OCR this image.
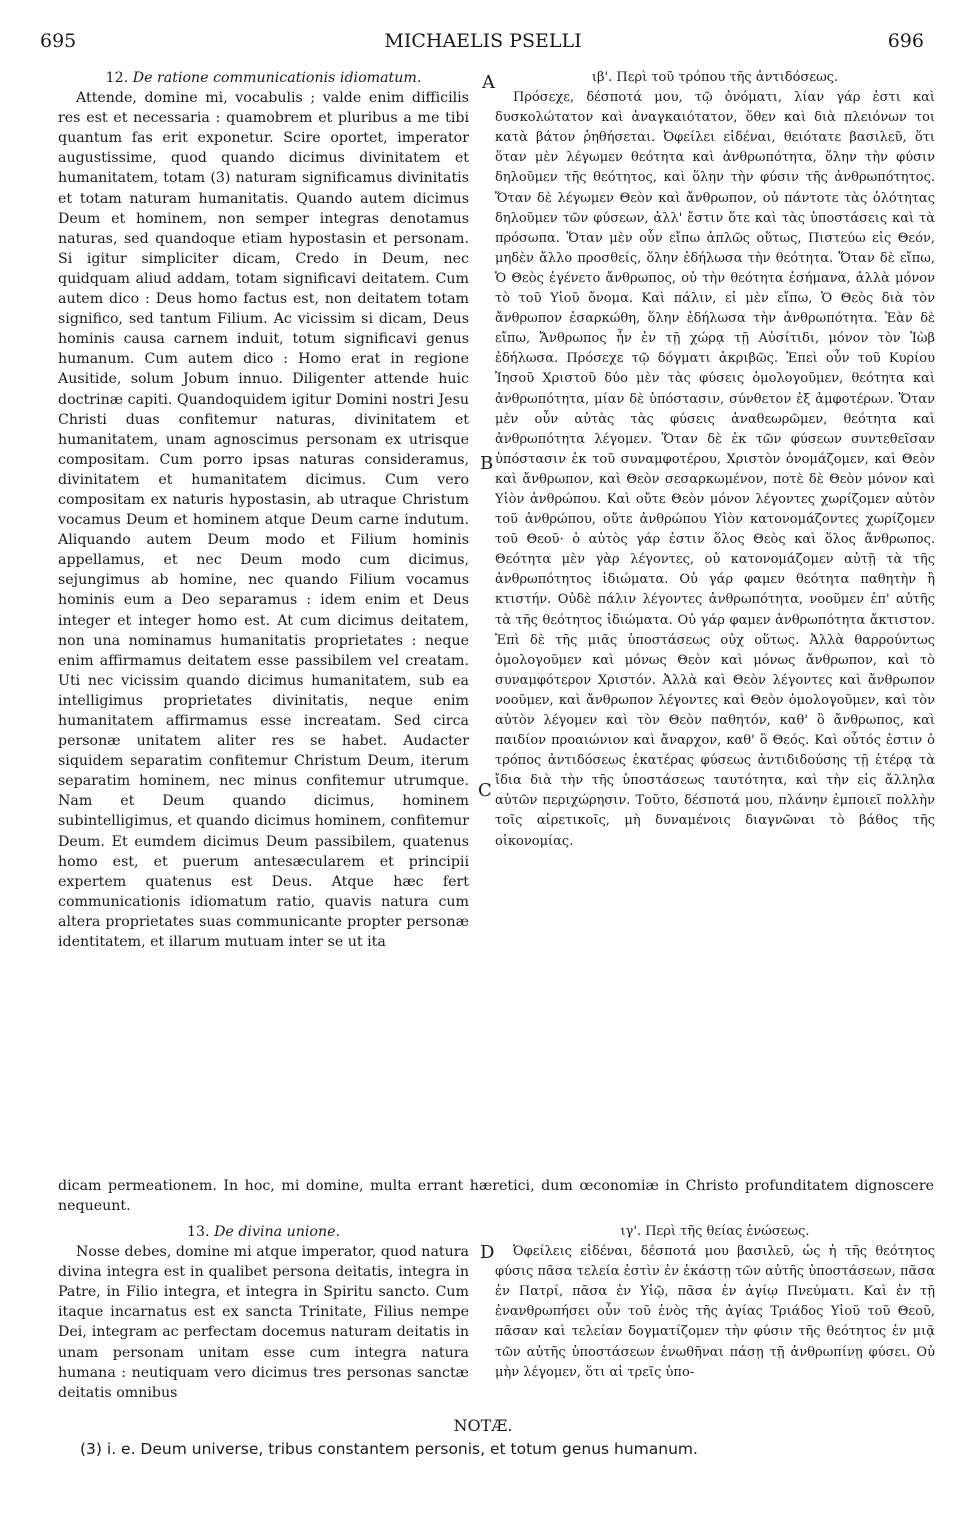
695	MICHAELIS PSELLI	696
A
B
C
D
12. De ratione communicationis idiomatum.
Attende, domine mi, vocabulis ; valde enim difficilis res est et necessaria : quamobrem et pluribus a me tibi quantum fas erit exponetur. Scire oportet, imperator augustissime, quod quando dicimus divinitatem et humanitatem, totam (3) naturam significamus divinitatis et totam naturam humanitatis. Quando autem dicimus Deum et hominem, non semper integras denotamus naturas, sed quandoque etiam hypostasin et personam. Si igitur simpliciter dicam, Credo in Deum, nec quidquam aliud addam, totam significavi deitatem. Cum autem dico : Deus homo factus est, non deitatem totam significo, sed tantum Filium. Ac vicissim si dicam, Deus hominis causa carnem induit, totum significavi genus humanum. Cum autem dico : Homo erat in regione Ausitide, solum Jobum innuo. Diligenter attende huic doctrinæ capiti. Quandoquidem igitur Domini nostri Jesu Christi duas confitemur naturas, divinitatem et humanitatem, unam agnoscimus personam ex utrisque compositam. Cum porro ipsas naturas consideramus, divinitatem et humanitatem dicimus. Cum vero compositam ex naturis hypostasin, ab utraque Christum vocamus Deum et hominem atque Deum carne indutum. Aliquando autem Deum modo et Filium hominis appellamus, et nec Deum modo cum dicimus, sejungimus ab homine, nec quando Filium vocamus hominis eum a Deo separamus : idem enim et Deus integer et integer homo est. At cum dicimus deitatem, non una nominamus humanitatis proprietates : neque enim affirmamus deitatem esse passibilem vel creatam. Uti nec vicissim quando dicimus humanitatem, sub ea intelligimus proprietates divinitatis, neque enim humanitatem affirmamus esse increatam. Sed circa personæ unitatem aliter res se habet. Audacter siquidem separatim confitemur Christum Deum, iterum separatim hominem, nec minus confitemur utrumque. Nam et Deum quando dicimus, hominem subintelligimus, et quando dicimus hominem, confitemur Deum. Et eumdem dicimus Deum passibilem, quatenus homo est, et puerum antesæcularem et principii expertem quatenus est Deus. Atque hæc fert communicationis idiomatum ratio, quavis natura cum altera proprietates suas communicante propter personæ identitatem, et illarum mutuam inter se ut ita
dicam permeationem. In hoc, mi domine, multa errant hæretici, dum œconomiæ in Christo profunditatem dignoscere nequeunt.
13. De divina unione.
Nosse debes, domine mi atque imperator, quod natura divina integra est in qualibet persona deitatis, integra in Patre, in Filio integra, et integra in Spiritu sancto. Cum itaque incarnatus est ex sancta Trinitate, Filius nempe Dei, integram ac perfectam docemus naturam deitatis in unam personam unitam esse cum integra natura humana : neutiquam vero dicimus tres personas sanctæ deitatis omnibus
ιβ'. Περὶ τοῦ τρόπου τῆς ἀντιδόσεως.
Πρόσεχε, δέσποτά μου, τῷ ὀνόματι, λίαν γάρ ἐστι καὶ δυσκολώτατον καὶ ἀναγκαιότατον, ὅθεν καὶ διὰ πλειόνων τοι κατὰ βάτον ῥηθήσεται. Ὀφείλει εἰδέναι, θειότατε βασιλεῦ, ὅτι ὅταν μὲν λέγωμεν θεότητα καὶ ἀνθρωπότητα, ὅλην τὴν φύσιν δηλοῦμεν τῆς θεότητος, καὶ ὅλην τὴν φύσιν τῆς ἀνθρωπότητος. Ὅταν δὲ λέγωμεν Θεὸν καὶ ἄνθρωπον, οὐ πάντοτε τὰς ὁλότητας δηλοῦμεν τῶν φύσεων, ἀλλ' ἔστιν ὅτε καὶ τὰς ὑποστάσεις καὶ τὰ πρόσωπα. Ὅταν μὲν οὖν εἴπω ἁπλῶς οὕτως, Πιστεύω εἰς Θεόν, μηδὲν ἄλλο προσθείς, ὅλην ἐδήλωσα τὴν θεότητα. Ὅταν δὲ εἴπω, Ὁ Θεὸς ἐγένετο ἄνθρωπος, οὐ τὴν θεότητα ἐσήμανα, ἀλλὰ μόνον τὸ τοῦ Υἱοῦ ὄνομα. Καὶ πάλιν, εἰ μὲν εἴπω, Ὁ Θεὸς διὰ τὸν ἄνθρωπον ἐσαρκώθη, ὅλην ἐδήλωσα τὴν ἀνθρωπότητα. Ἐὰν δὲ εἴπω, Ἄνθρωπος ἦν ἐν τῇ χώρᾳ τῇ Αὐσίτιδι, μόνον τὸν Ἰὼβ ἐδήλωσα. Πρόσεχε τῷ δόγματι ἀκριβῶς. Ἐπεὶ οὖν τοῦ Κυρίου Ἰησοῦ Χριστοῦ δύο μὲν τὰς φύσεις ὁμολογοῦμεν, θεότητα καὶ ἀνθρωπότητα, μίαν δὲ ὑπόστασιν, σύνθετον ἐξ ἀμφοτέρων. Ὅταν μὲν οὖν αὐτὰς τὰς φύσεις ἀναθεωρῶμεν, θεότητα καὶ ἀνθρωπότητα λέγομεν. Ὅταν δὲ ἐκ τῶν φύσεων συντεθεῖσαν ὑπόστασιν ἐκ τοῦ συναμφοτέρου, Χριστὸν ὀνομάζομεν, καὶ Θεὸν καὶ ἄνθρωπον, καὶ Θεὸν σεσαρκωμένον, ποτὲ δὲ Θεὸν μόνον καὶ Υἱὸν ἀνθρώπου. Καὶ οὔτε Θεὸν μόνον λέγοντες χωρίζομεν αὐτὸν τοῦ ἀνθρώπου, οὔτε ἀνθρώπου Υἱὸν κατονομάζοντες χωρίζομεν τοῦ Θεοῦ· ὁ αὐτὸς γάρ ἐστιν ὅλος Θεὸς καὶ ὅλος ἄνθρωπος. Θεότητα μὲν γὰρ λέγοντες, οὐ κατονομάζομεν αὐτῇ τὰ τῆς ἀνθρωπότητος ἰδιώματα. Οὐ γάρ φαμεν θεότητα παθητὴν ἢ κτιστήν. Οὐδὲ πάλιν λέγοντες ἀνθρωπότητα, νοοῦμεν ἐπ' αὐτῆς τὰ τῆς θεότητος ἰδιώματα. Οὐ γάρ φαμεν ἀνθρωπότητα ἄκτιστον. Ἐπὶ δὲ τῆς μιᾶς ὑποστάσεως οὐχ οὕτως. Ἀλλὰ θαρρούντως ὁμολογοῦμεν καὶ μόνως Θεὸν καὶ μόνως ἄνθρωπον, καὶ τὸ συναμφότερον Χριστόν. Ἀλλὰ καὶ Θεὸν λέγοντες καὶ ἄνθρωπον νοοῦμεν, καὶ ἄνθρωπον λέγοντες καὶ Θεὸν ὁμολογοῦμεν, καὶ τὸν αὐτὸν λέγομεν καὶ τὸν Θεὸν παθητόν, καθ' ὃ ἄνθρωπος, καὶ παιδίον προαιώνιον καὶ ἄναρχον, καθ' ὃ Θεός. Καὶ οὗτός ἐστιν ὁ τρόπος ἀντιδόσεως ἑκατέρας φύσεως ἀντιδιδούσης τῇ ἑτέρᾳ τὰ ἴδια διὰ τὴν τῆς ὑποστάσεως ταυτότητα, καὶ τὴν εἰς ἄλληλα αὐτῶν περιχώρησιν. Τοῦτο, δέσποτά μου, πλάνην ἐμποιεῖ πολλὴν τοῖς αἱρετικοῖς, μὴ δυναμένοις διαγνῶναι τὸ βάθος τῆς οἰκονομίας.
ιγ'. Περὶ τῆς θείας ἑνώσεως.
Ὀφείλεις εἰδέναι, δέσποτά μου βασιλεῦ, ὡς ἡ τῆς θεότητος φύσις πᾶσα τελεία ἐστὶν ἐν ἑκάστῃ τῶν αὐτῆς ὑποστάσεων, πᾶσα ἐν Πατρί, πᾶσα ἐν Υἱῷ, πᾶσα ἐν ἁγίῳ Πνεύματι. Καὶ ἐν τῇ ἐνανθρωπήσει οὖν τοῦ ἑνὸς τῆς ἁγίας Τριάδος Υἱοῦ τοῦ Θεοῦ, πᾶσαν καὶ τελείαν δογματίζομεν τὴν φύσιν τῆς θεότητος ἐν μιᾷ τῶν αὐτῆς ὑποστάσεων ἑνωθῆναι πάσῃ τῇ ἀνθρωπίνῃ φύσει. Οὐ μὴν λέγομεν, ὅτι αἱ τρεῖς ὑπο-
NOTÆ.
(3) i. e. Deum universe, tribus constantem personis, et totum genus humanum.
